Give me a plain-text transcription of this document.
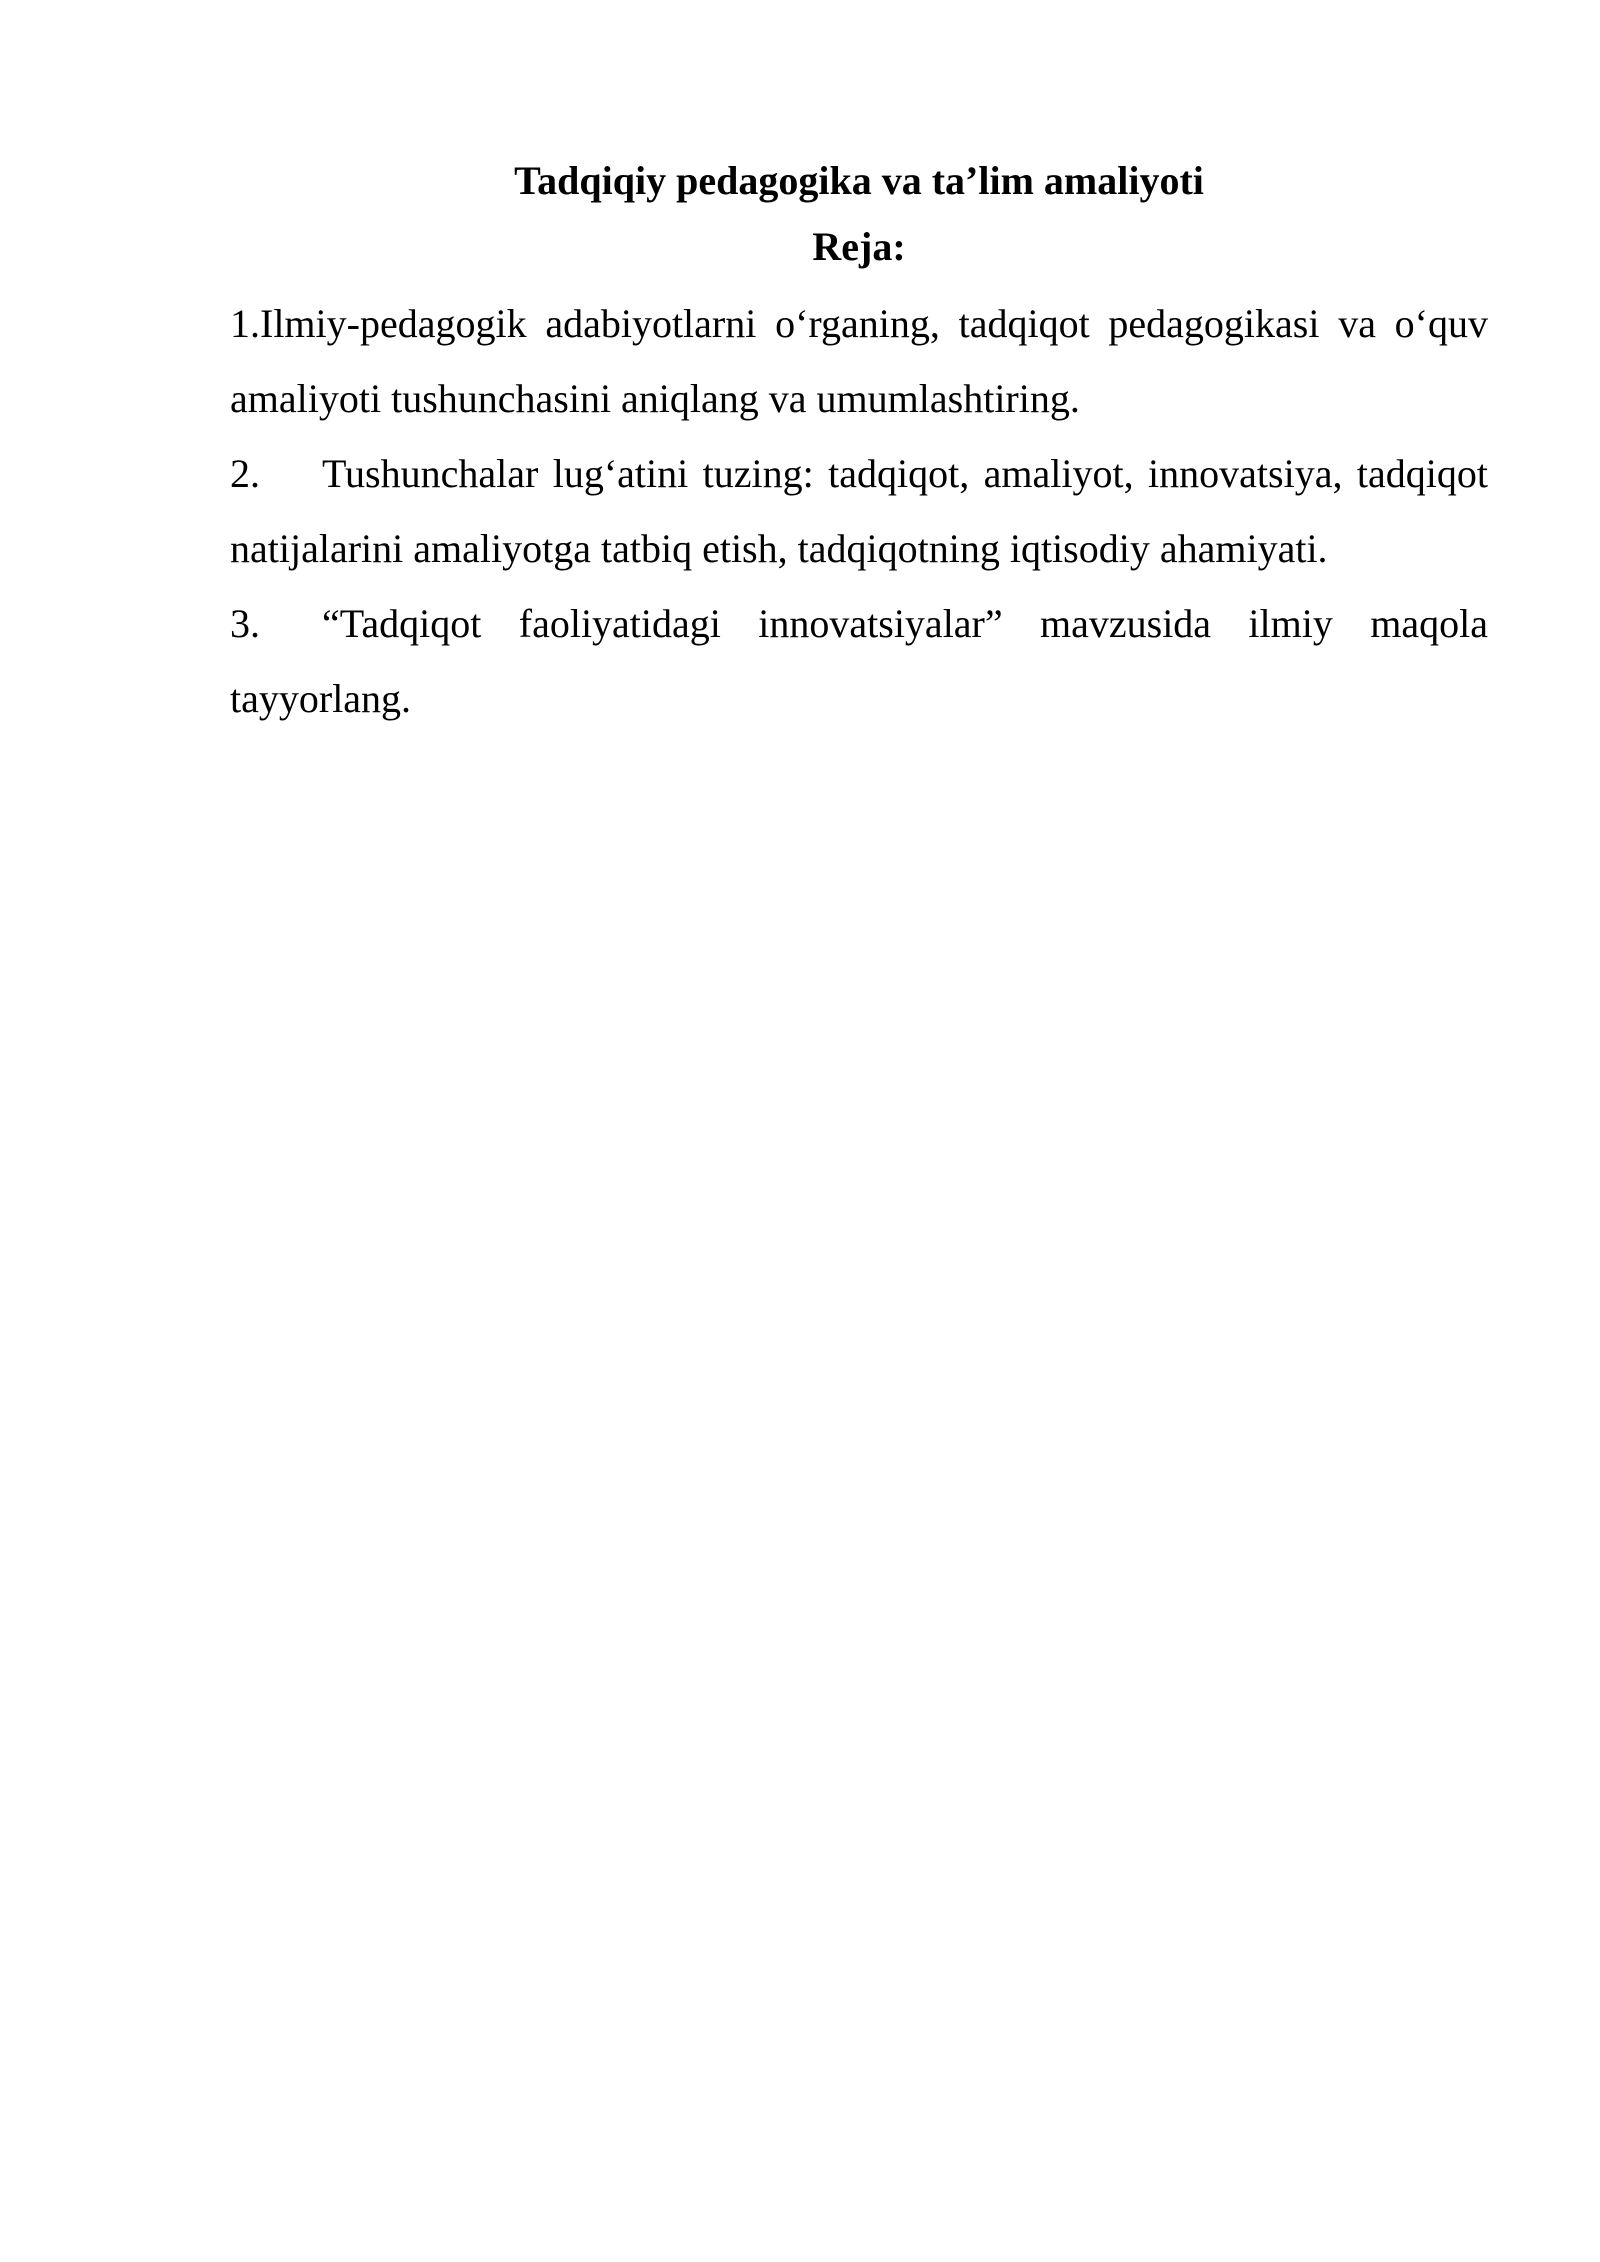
Tadqiqiy pedagogika va ta’lim amaliyoti

Reja:

1.Ilmiy-pedagogik adabiyotlarni o‘rganing, tadqiqot pedagogikasi va o‘quv amaliyoti tushunchasini aniqlang va umumlashtiring.

2. Tushunchalar lug‘atini tuzing: tadqiqot, amaliyot, innovatsiya, tadqiqot natijalarini amaliyotga tatbiq etish, tadqiqotning iqtisodiy ahamiyati.

3. “Tadqiqot faoliyatidagi innovatsiyalar” mavzusida ilmiy maqola tayyorlang.
